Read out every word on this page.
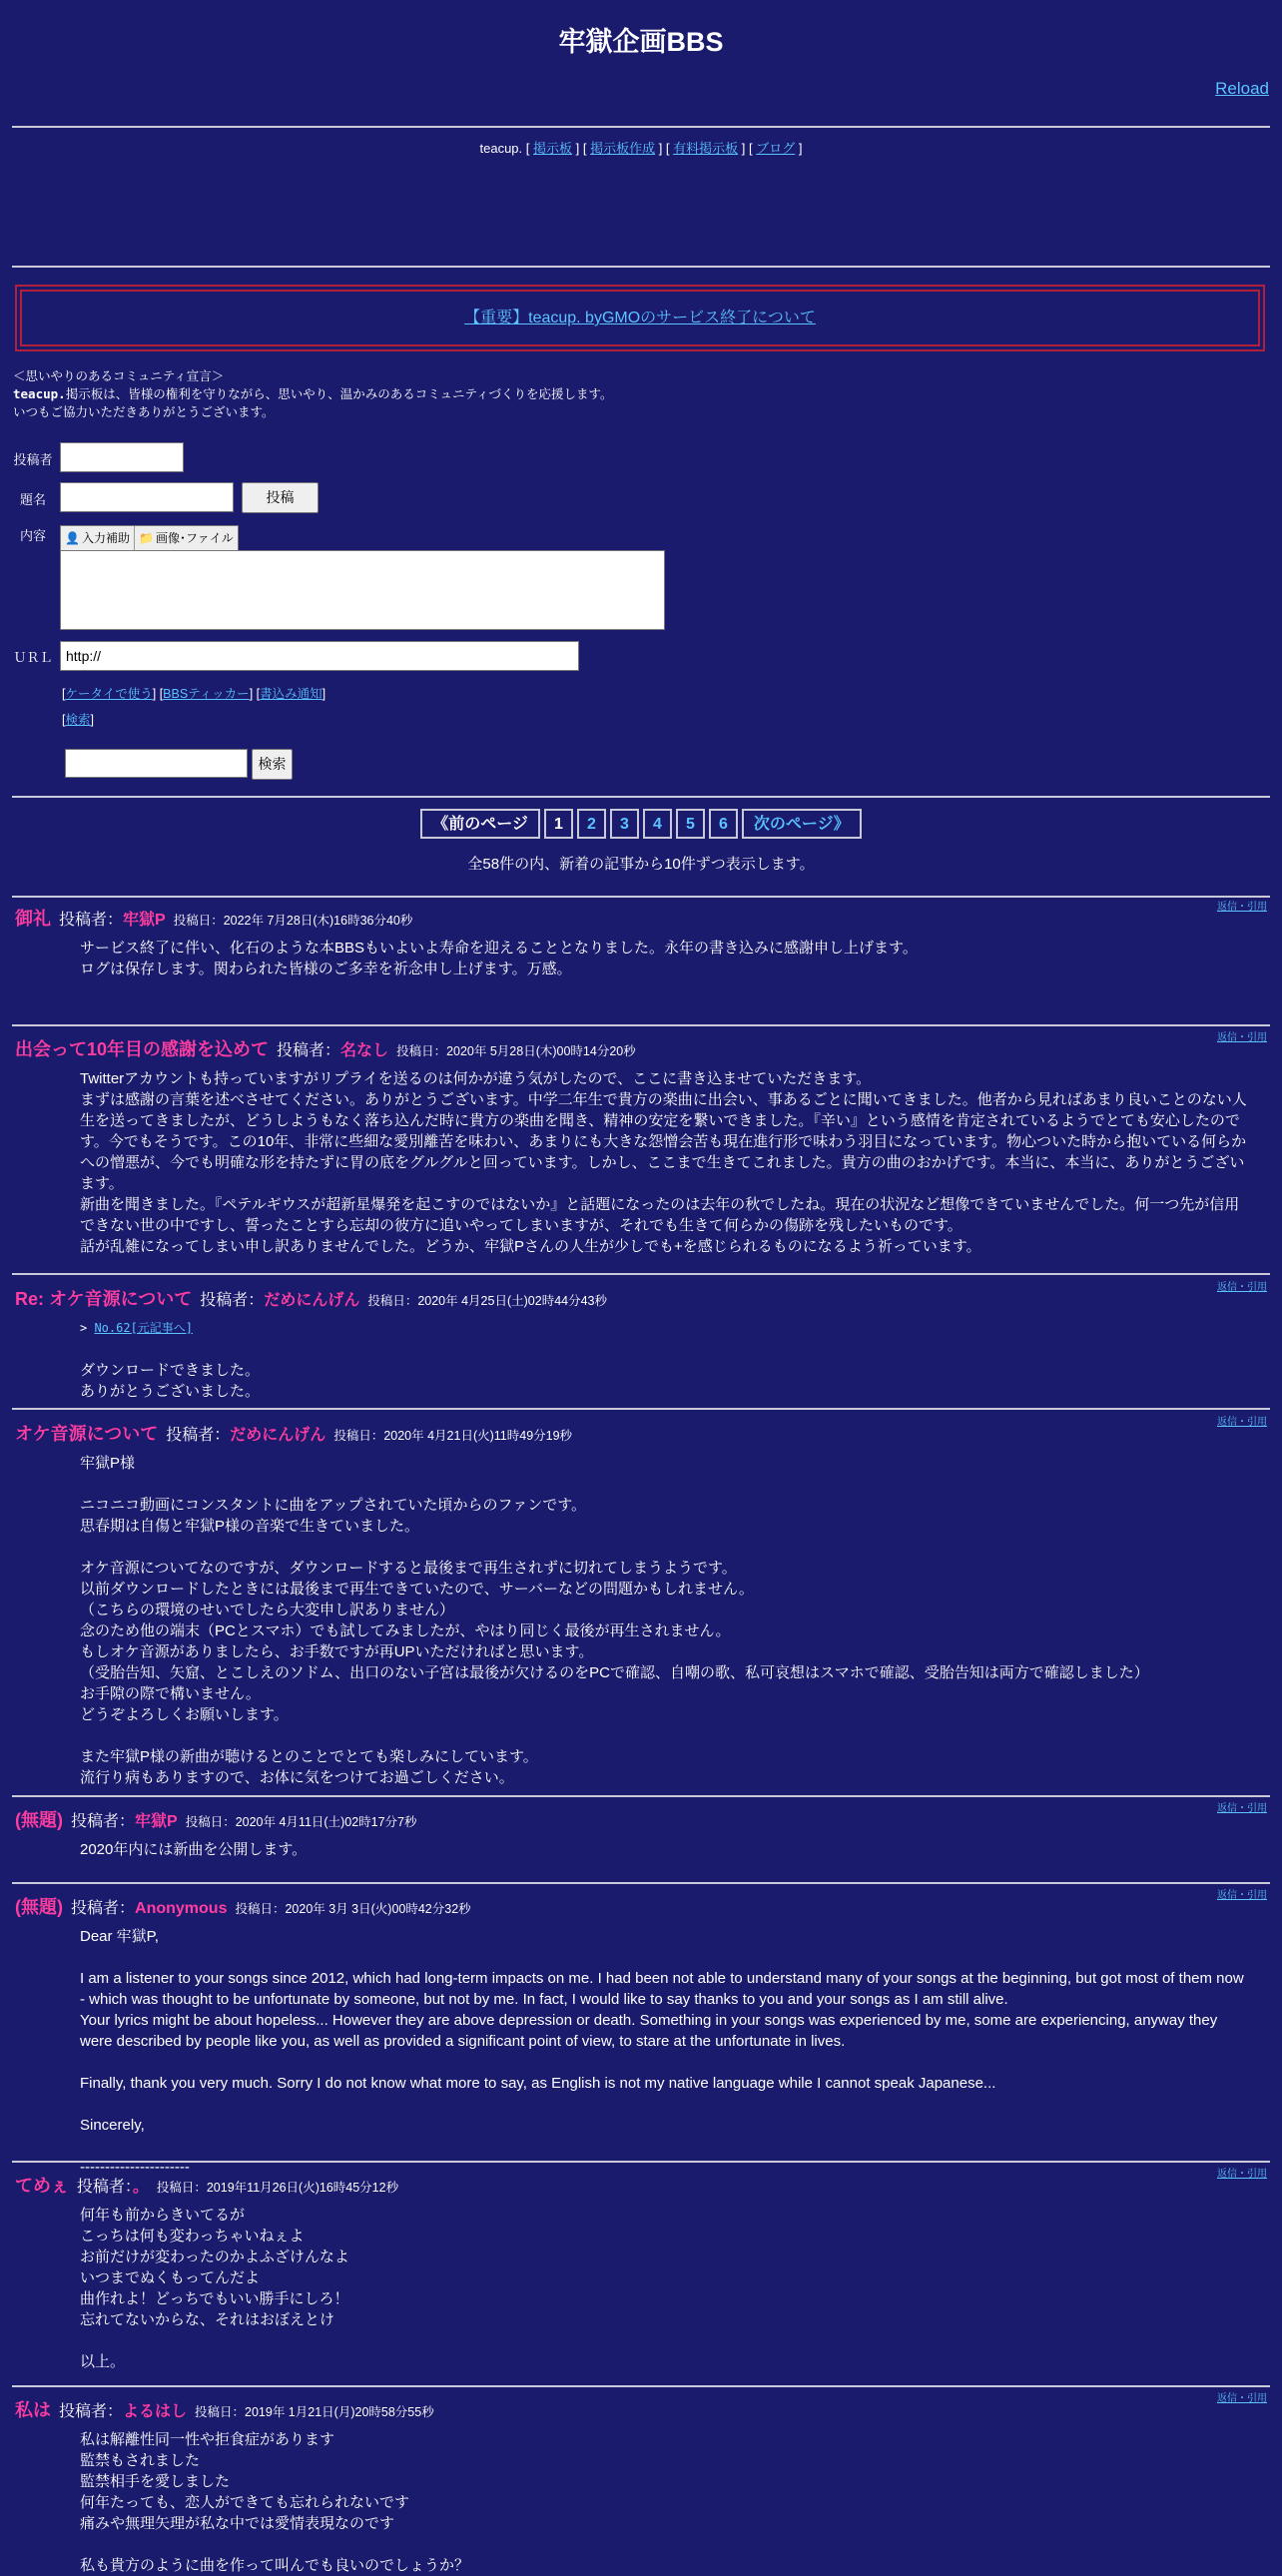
牢獄企画BBS
Reload
teacup. [ 掲示板 ] [ 掲示板作成 ] [ 有料掲示板 ] [ ブログ ]
【重要】teacup. byGMOのサービス終了について
＜思いやりのあるコミュニティ宣言＞
teacup.掲示板は、皆様の権利を守りながら、思いやり、温かみのあるコミュニティづくりを応援します。
いつもご協力いただきありがとうございます。
投稿者
題名	投稿
内容	👤 入力補助 📁 画像･ファイル
ＵＲＬ
http://
[ケータイで使う] [BBSティッカー] [書込み通知]
[検索]
検索
《前のページ	1	2 3 4 5 6 次のページ》
全58件の内、新着の記事から10件ずつ表示します。
御礼 投稿者：牢獄P 投稿日：2022年 7月28日(木)16時36分40秒
返信・引用
サービス終了に伴い、化石のような本BBSもいよいよ寿命を迎えることとなりました。永年の書き込みに感謝申し上げます。
ログは保存します。関わられた皆様のご多幸を祈念申し上げます。万感。
出会って10年目の感謝を込めて 投稿者：名なし 投稿日：2020年 5月28日(木)00時14分20秒
返信・引用
Twitterアカウントも持っていますがリプライを送るのは何かが違う気がしたので、ここに書き込ませていただきます。
まずは感謝の言葉を述べさせてください。ありがとうございます。中学二年生で貴方の楽曲に出会い、事あるごとに聞いてきました。他者から見ればあまり良いことのない人生を送ってきましたが、どうしようもなく落ち込んだ時に貴方の楽曲を聞き、精神の安定を繋いできました。『辛い』という感情を肯定されているようでとても安心したのです。今でもそうです。この10年、非常に些細な愛別離苦を味わい、あまりにも大きな怨憎会苦も現在進行形で味わう羽目になっています。物心ついた時から抱いている何らかへの憎悪が、今でも明確な形を持たずに胃の底をグルグルと回っています。しかし、ここまで生きてこれました。貴方の曲のおかげです。本当に、本当に、ありがとうございます。
新曲を聞きました。『ペテルギウスが超新星爆発を起こすのではないか』と話題になったのは去年の秋でしたね。現在の状況など想像できていませんでした。何一つ先が信用できない世の中ですし、誓ったことすら忘却の彼方に追いやってしまいますが、それでも生きて何らかの傷跡を残したいものです。
話が乱雑になってしまい申し訳ありませんでした。どうか、牢獄Pさんの人生が少しでも+を感じられるものになるよう祈っています。
Re: オケ音源について 投稿者：だめにんげん 投稿日：2020年 4月25日(土)02時44分43秒
返信・引用

> No.62[元記事へ]

ダウンロードできました。
ありがとうございました。
オケ音源について 投稿者：だめにんげん 投稿日：2020年 4月21日(火)11時49分19秒
返信・引用

牢獄P様

ニコニコ動画にコンスタントに曲をアップされていた頃からのファンです。
思春期は自傷と牢獄P様の音楽で生きていました。

オケ音源についてなのですが、ダウンロードすると最後まで再生されずに切れてしまうようです。
以前ダウンロードしたときには最後まで再生できていたので、サーバーなどの問題かもしれません。
（こちらの環境のせいでしたら大変申し訳ありません）
念のため他の端末（PCとスマホ）でも試してみましたが、やはり同じく最後が再生されません。
もしオケ音源がありましたら、お手数ですが再UPいただければと思います。
（受胎告知、矢窟、とこしえのソドム、出口のない子宮は最後が欠けるのをPCで確認、自嘲の歌、私可哀想はスマホで確認、受胎告知は両方で確認しました）
お手隙の際で構いません。
どうぞよろしくお願いします。

また牢獄P様の新曲が聴けるとのことでとても楽しみにしています。
流行り病もありますので、お体に気をつけてお過ごしください。

(無題) 投稿者：牢獄P 投稿日：2020年 4月11日(土)02時17分7秒
返信・引用
2020年内には新曲を公開します。
(無題) 投稿者：Anonymous 投稿日：2020年 3月 3日(火)00時42分32秒
返信・引用

Dear 牢獄P,

I am a listener to your songs since 2012, which had long-term impacts on me. I had been not able to understand many of your songs at the beginning, but got most of them now - which was thought to be unfortunate by someone, but not by me. In fact, I would like to say thanks to you and your songs as I am still alive.
Your lyrics might be about hopeless... However they are above depression or death. Something in your songs was experienced by me, some are experiencing, anyway they were described by people like you, as well as provided a significant point of view, to stare at the unfortunate in lives.

Finally, thank you very much. Sorry I do not know what more to say, as English is not my native language while I cannot speak Japanese...

Sincerely,

----------------------

てめぇ 投稿者：。 投稿日：2019年11月26日(火)16時45分12秒
返信・引用

何年も前からきいてるが
こっちは何も変わっちゃいねぇよ
お前だけが変わったのかよふざけんなよ
いつまでぬくもってんだよ
曲作れよ！どっちでもいい勝手にしろ！
忘れてないからな、それはおぼえとけ

以上。

私は 投稿者：よるはし 投稿日：2019年 1月21日(月)20時58分55秒
返信・引用

私は解離性同一性や拒食症があります
監禁もされました
監禁相手を愛しました
何年たっても、恋人ができても忘れられないです
痛みや無理矢理が私な中では愛情表現なのです

私も貴方のように曲を作って叫んでも良いのでしょうか？
